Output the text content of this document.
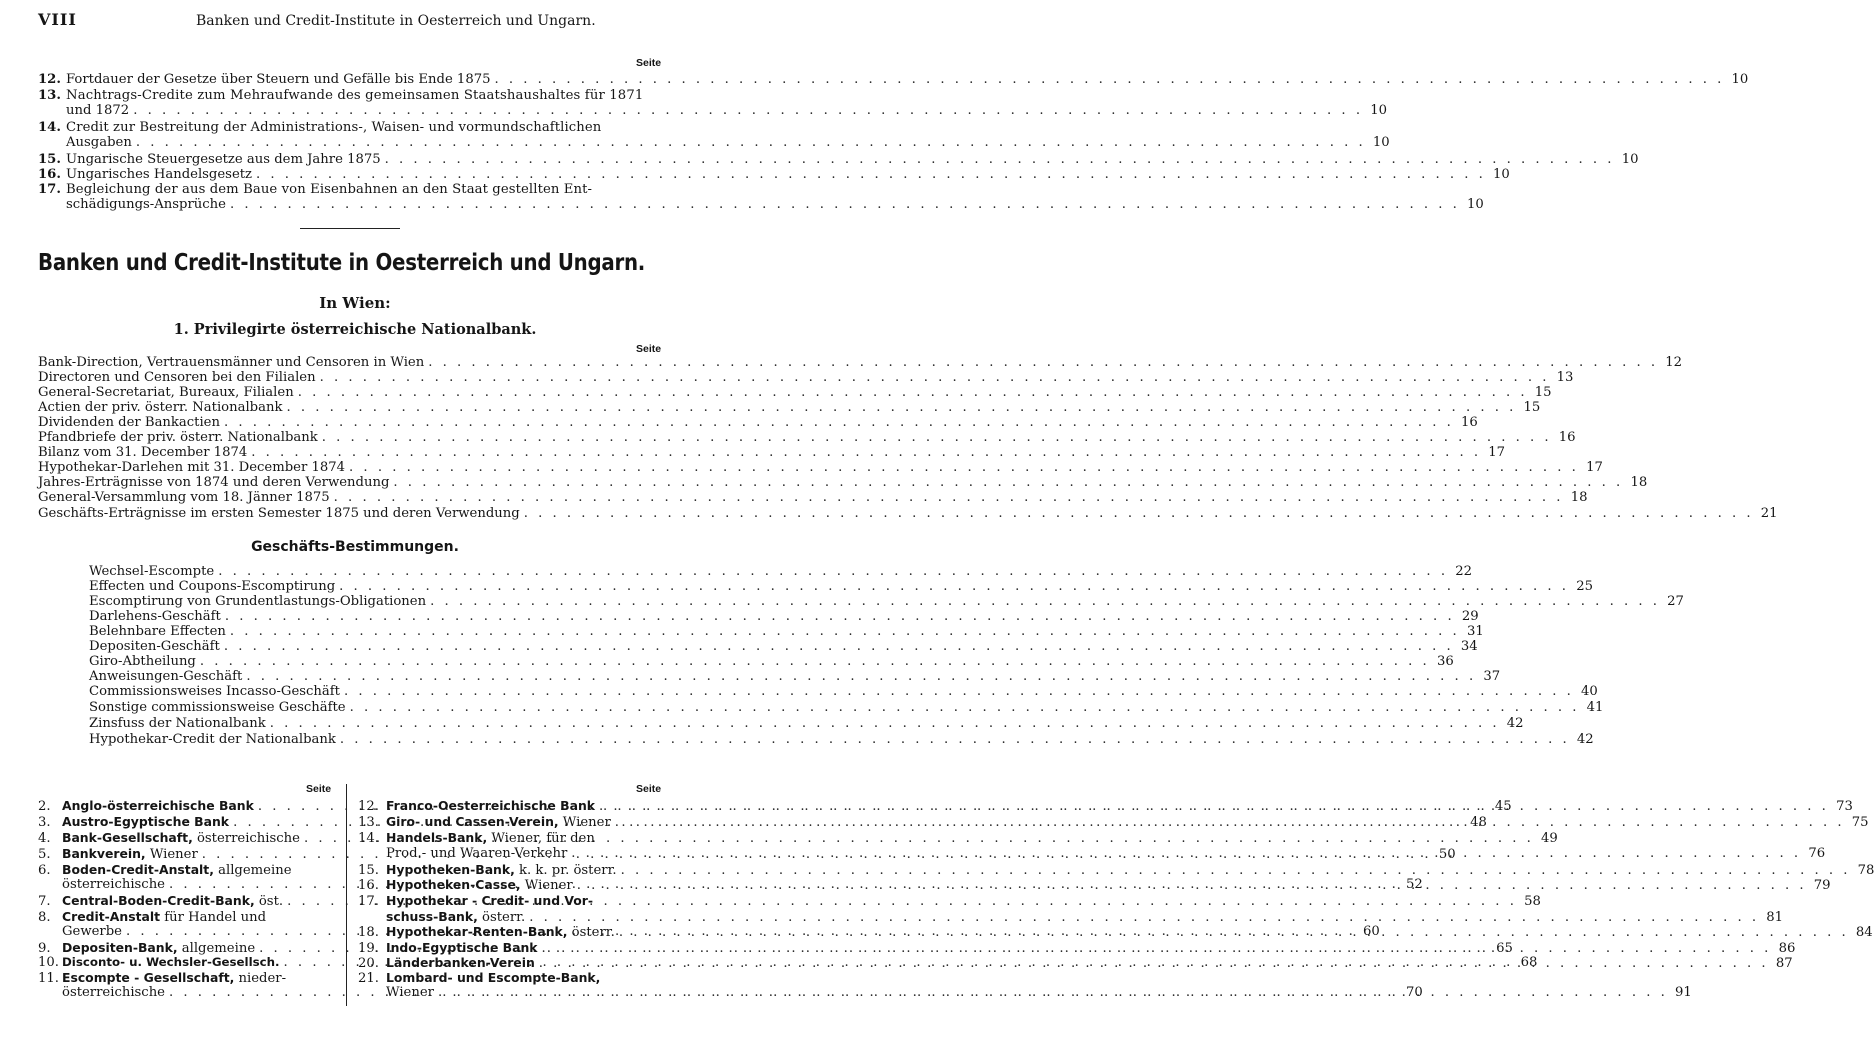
VIII	Banken und Credit-Institute in Oesterreich und Ungarn.
Seite
12. Fortdauer der Gesetze über Steuern und Gefälle bis Ende 1875 . . .	10
13. Nachtrags-Credite zum Mehraufwande des gemeinsamen Staatshaushaltes für 1871
und 1872 . . .	10
14. Credit zur Bestreitung der Administrations-, Waisen- und vormundschaftlichen
Ausgaben . . .	10
15. Ungarische Steuergesetze aus dem Jahre 1875 . . .	10
16. Ungarisches Handelsgesetz . . .	10
17. Begleichung der aus dem Baue von Eisenbahnen an den Staat gestellten Ent-
schädigungs-Ansprüche . . .	10
Banken und Credit-Institute in Oesterreich und Ungarn.
In Wien:
1. Privilegirte österreichische Nationalbank.
Seite
Bank-Direction, Vertrauensmänner und Censoren in Wien . . .	12
Directoren und Censoren bei den Filialen . . .	13
General-Secretariat, Bureaux, Filialen . . .	15
Actien der priv. österr. Nationalbank . . .	15
Dividenden der Bankactien . . .	16
Pfandbriefe der priv. österr. Nationalbank . . .	16
Bilanz vom 31. December 1874 . . .	17
Hypothekar-Darlehen mit 31. December 1874 . . .	17
Jahres-Erträgnisse von 1874 und deren Verwendung . . .	18
General-Versammlung vom 18. Jänner 1875 . . .	18
Geschäfts-Erträgnisse im ersten Semester 1875 und deren Verwendung . . .	21
Geschäfts-Bestimmungen.
Wechsel-Escompte . . .	22
Effecten und Coupons-Escomptirung . . .	25
Escomptirung von Grundentlastungs-Obligationen . . .	27
Darlehens-Geschäft . . .	29
Belehnbare Effecten . . .	31
Depositen-Geschäft . . .	34
Giro-Abtheilung . . .	36
Anweisungen-Geschäft . . .	37
Commissionsweises Incasso-Geschäft . . .	40
Sonstige commissionsweise Geschäfte . . .	41
Zinsfuss der Nationalbank . . .	42
Hypothekar-Credit der Nationalbank . . .	42
Seite	Seite
2. Anglo-österreichische Bank . . .	45
3. Austro-Egyptische Bank . . .	48
4. Bank-Gesellschaft, österreichische . . .	49
5. Bankverein, Wiener . . .	50
6. Boden-Credit-Anstalt, allgemeine
österreichische . . .	52
7. Central-Boden-Credit-Bank, öst. . . .	58
8. Credit-Anstalt für Handel und
Gewerbe . . .	60
9. Depositen-Bank, allgemeine . . .	65
10. Disconto- u. Wechsler-Gesellsch. . . .	68
11. Escompte - Gesellschaft, nieder-
österreichische . . .	70
12. Franco-Oesterreichische Bank . . .	73
13. Giro- und Cassen-Verein, Wiener . . .	75
14. Handels-Bank, Wiener, für den
Prod.- und Waaren-Verkehr . . .	76
15. Hypotheken-Bank, k. k. pr. österr. . . .	78
16. Hypotheken-Casse, Wiener . . .	79
17. Hypothekar - Credit- und Vor-
schuss-Bank, österr. . . .	81
18. Hypothekar-Renten-Bank, österr. . . .	84
19. Indo-Egyptische Bank . . .	86
20. Länderbanken-Verein . . .	87
21. Lombard- und Escompte-Bank,
Wiener . . .	91
